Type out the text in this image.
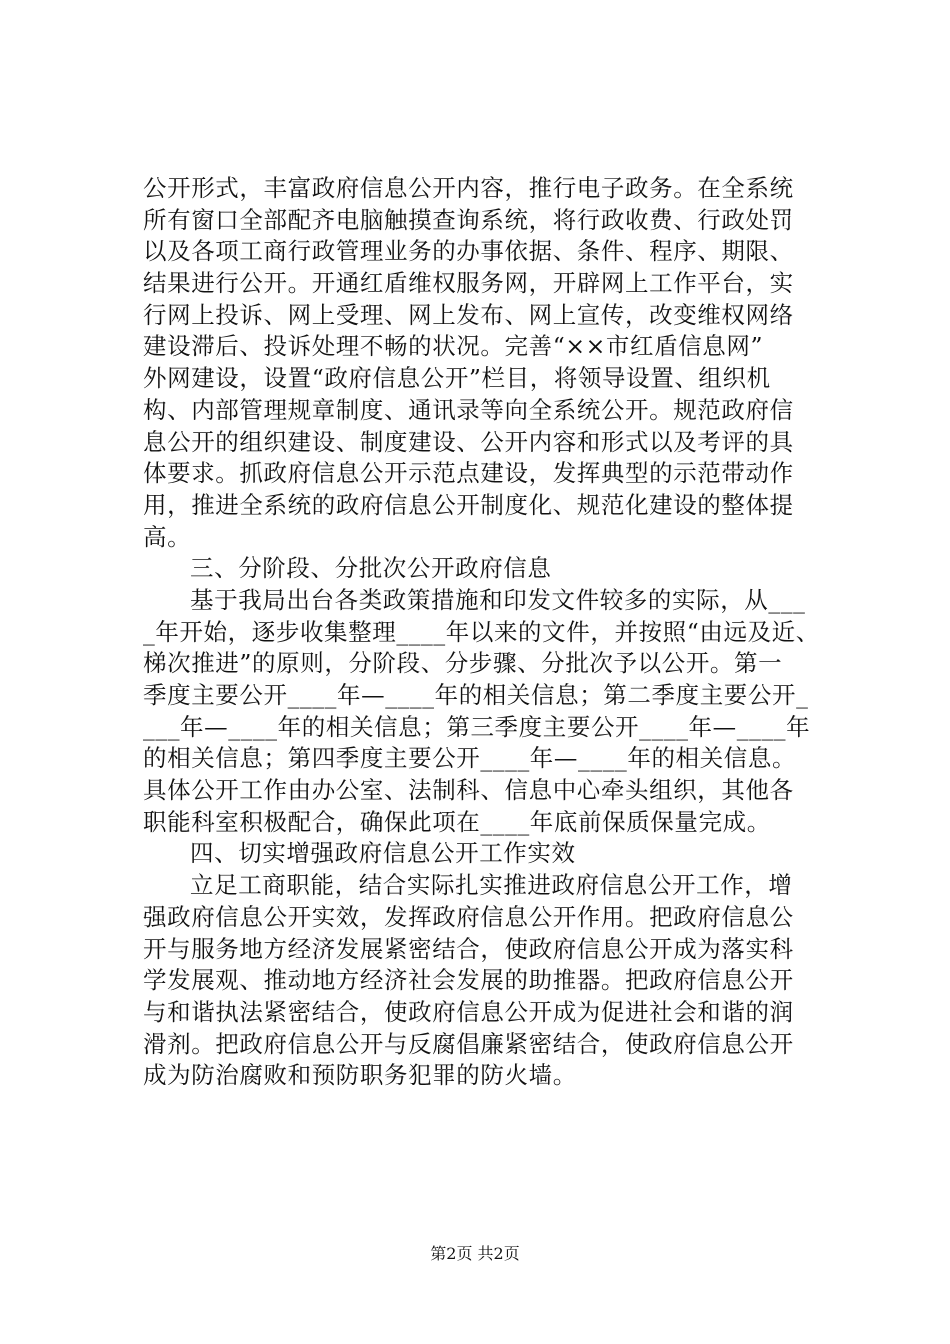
公开形式，丰富政府信息公开内容，推行电子政务。在全系统
所有窗口全部配齐电脑触摸查询系统，将行政收费、行政处罚
以及各项工商行政管理业务的办事依据、条件、程序、期限、
结果进行公开。开通红盾维权服务网，开辟网上工作平台，实
行网上投诉、网上受理、网上发布、网上宣传，改变维权网络
建设滞后、投诉处理不畅的状况。完善“××市红盾信息网”
外网建设，设置“政府信息公开”栏目，将领导设置、组织机
构、内部管理规章制度、通讯录等向全系统公开。规范政府信
息公开的组织建设、制度建设、公开内容和形式以及考评的具
体要求。抓政府信息公开示范点建设，发挥典型的示范带动作
用，推进全系统的政府信息公开制度化、规范化建设的整体提
高。
三、分阶段、分批次公开政府信息
基于我局出台各类政策措施和印发文件较多的实际，从___
_年开始，逐步收集整理____年以来的文件，并按照“由远及近、
梯次推进”的原则，分阶段、分步骤、分批次予以公开。第一
季度主要公开____年—____年的相关信息；第二季度主要公开_
___年—____年的相关信息；第三季度主要公开____年—____年
的相关信息；第四季度主要公开____年—____年的相关信息。
具体公开工作由办公室、法制科、信息中心牵头组织，其他各
职能科室积极配合，确保此项在____年底前保质保量完成。
四、切实增强政府信息公开工作实效
立足工商职能，结合实际扎实推进政府信息公开工作，增
强政府信息公开实效，发挥政府信息公开作用。把政府信息公
开与服务地方经济发展紧密结合，使政府信息公开成为落实科
学发展观、推动地方经济社会发展的助推器。把政府信息公开
与和谐执法紧密结合，使政府信息公开成为促进社会和谐的润
滑剂。把政府信息公开与反腐倡廉紧密结合，使政府信息公开
成为防治腐败和预防职务犯罪的防火墙。
第2页 共2页
